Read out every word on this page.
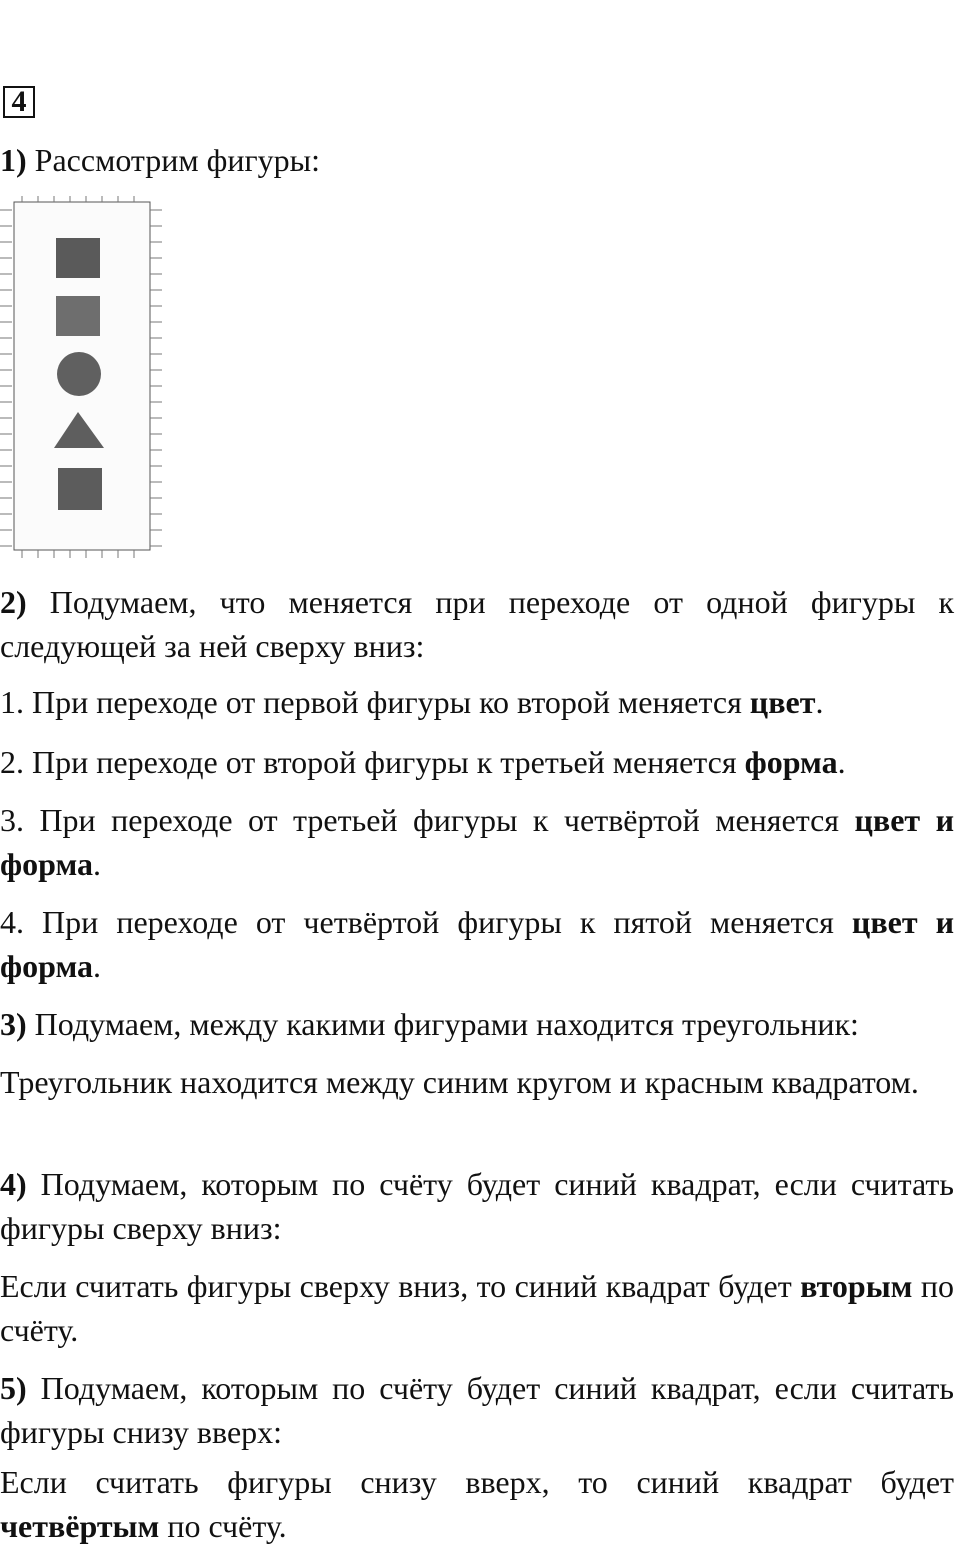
4

1) Рассмотрим фигуры:

2) Подумаем, что меняется при переходе от одной фигуры к следующей за ней сверху вниз:

1. При переходе от первой фигуры ко второй меняется цвет.

2. При переходе от второй фигуры к третьей меняется форма.

3. При переходе от третьей фигуры к четвёртой меняется цвет и форма.

4. При переходе от четвёртой фигуры к пятой меняется цвет и форма.

3) Подумаем, между какими фигурами находится треугольник:

Треугольник находится между синим кругом и красным квадратом.

4) Подумаем, которым по счёту будет синий квадрат, если считать фигуры сверху вниз:

Если считать фигуры сверху вниз, то синий квадрат будет вторым по счёту.

5) Подумаем, которым по счёту будет синий квадрат, если считать фигуры снизу вверх:

Если считать фигуры снизу вверх, то синий квадрат будет четвёртым по счёту.
